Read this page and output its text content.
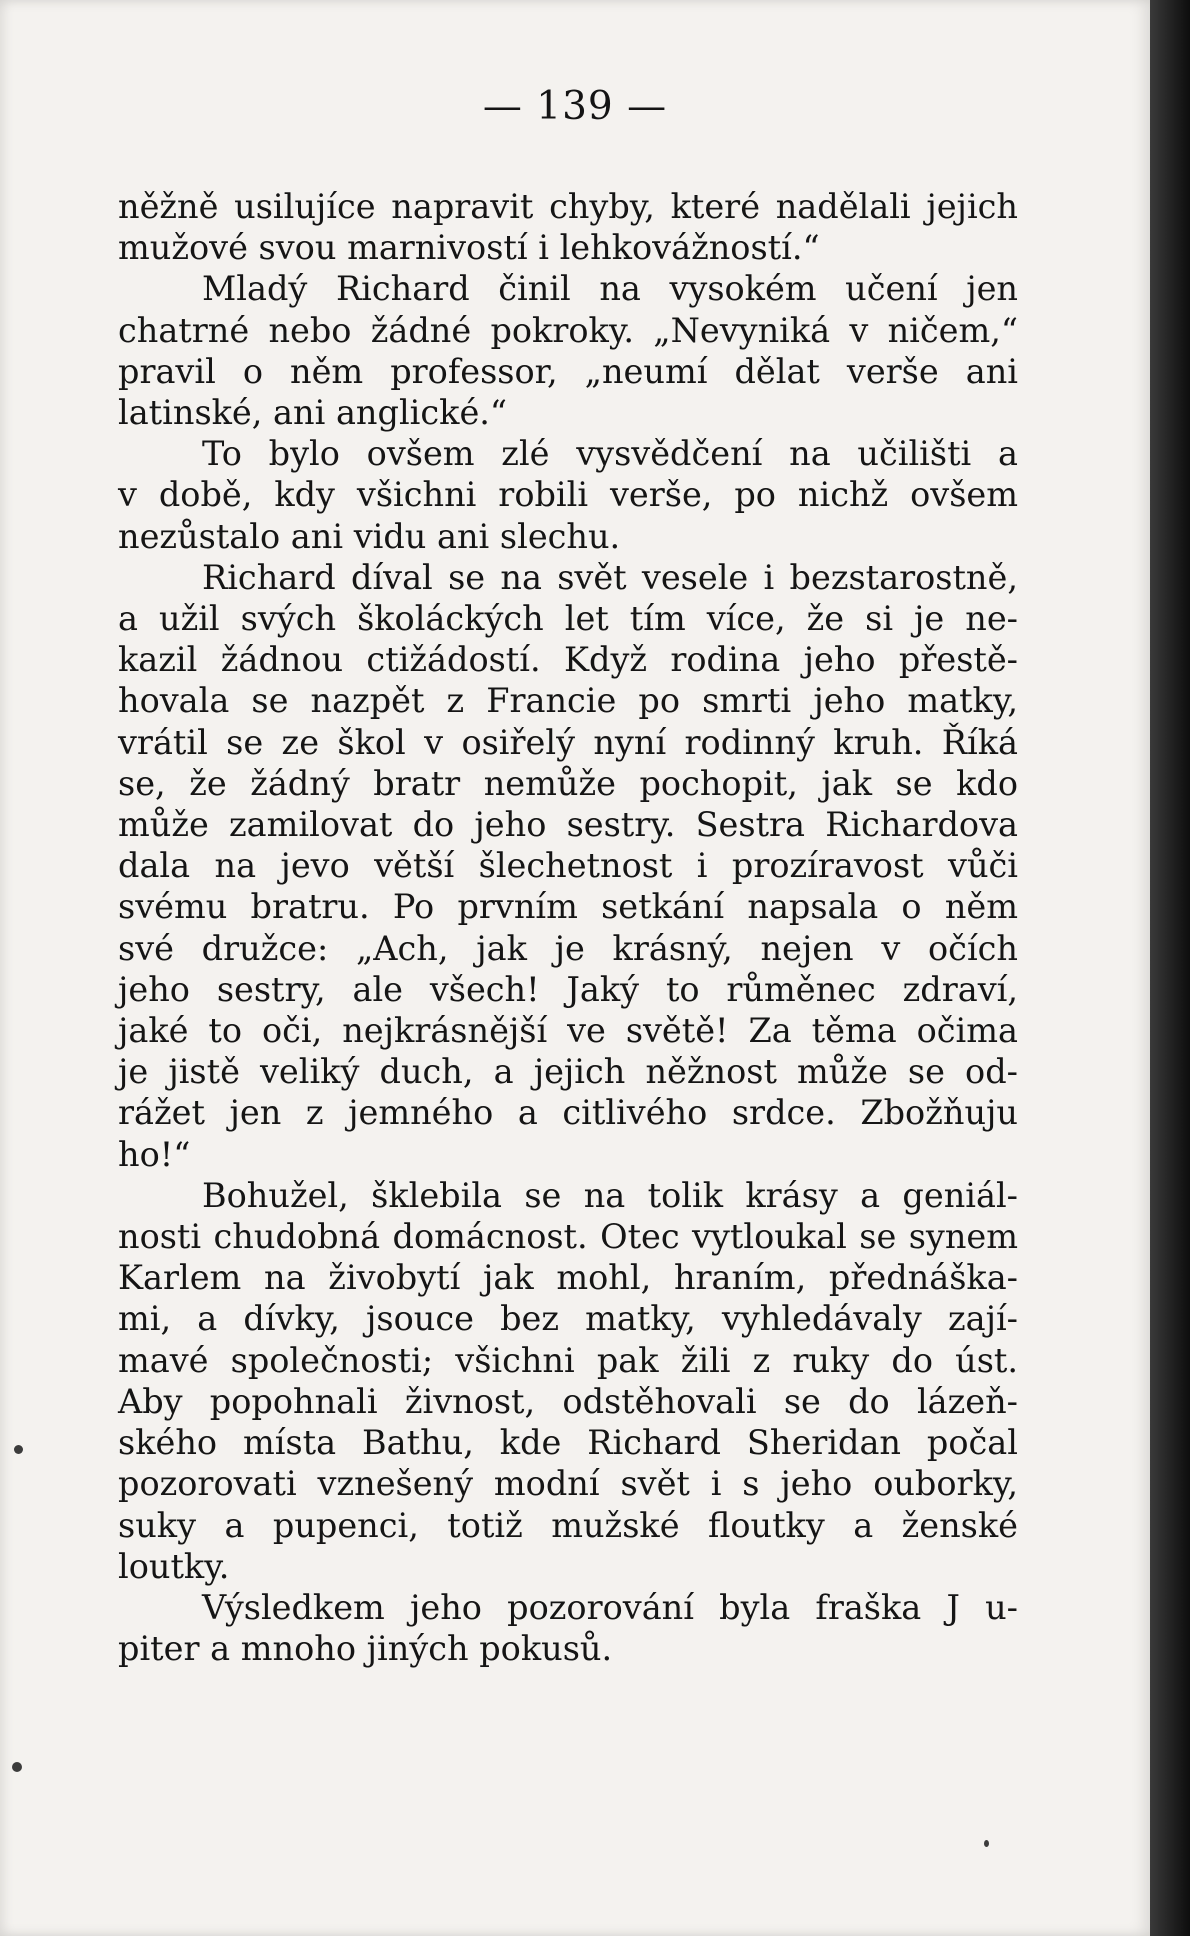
— 139 —
něžně usilujíce napravit chyby, které nadělali jejich
mužové svou marnivostí i lehkovážností.“
Mladý Richard činil na vysokém učení jen
chatrné nebo žádné pokroky. „Nevyniká v ničem,“
pravil o něm professor, „neumí dělat verše ani
latinské, ani anglické.“
To bylo ovšem zlé vysvědčení na učilišti a
v době, kdy všichni robili verše, po nichž ovšem
nezůstalo ani vidu ani slechu.
Richard díval se na svět vesele i bezstarostně,
a užil svých školáckých let tím více, že si je ne-
kazil žádnou ctižádostí. Když rodina jeho přestě-
hovala se nazpět z Francie po smrti jeho matky,
vrátil se ze škol v osiřelý nyní rodinný kruh. Říká
se, že žádný bratr nemůže pochopit, jak se kdo
může zamilovat do jeho sestry. Sestra Richardova
dala na jevo větší šlechetnost i prozíravost vůči
svému bratru. Po prvním setkání napsala o něm
své družce: „Ach, jak je krásný, nejen v očích
jeho sestry, ale všech! Jaký to růměnec zdraví,
jaké to oči, nejkrásnější ve světě! Za těma očima
je jistě veliký duch, a jejich něžnost může se od-
rážet jen z jemného a citlivého srdce. Zbožňuju
ho!“
Bohužel, šklebila se na tolik krásy a geniál-
nosti chudobná domácnost. Otec vytloukal se synem
Karlem na živobytí jak mohl, hraním, přednáška-
mi, a dívky, jsouce bez matky, vyhledávaly zají-
mavé společnosti; všichni pak žili z ruky do úst.
Aby popohnali živnost, odstěhovali se do lázeň-
ského místa Bathu, kde Richard Sheridan počal
pozorovati vznešený modní svět i s jeho ouborky,
suky a pupenci, totiž mužské floutky a ženské
loutky.
Výsledkem jeho pozorování byla fraška J u-
piter a mnoho jiných pokusů.
